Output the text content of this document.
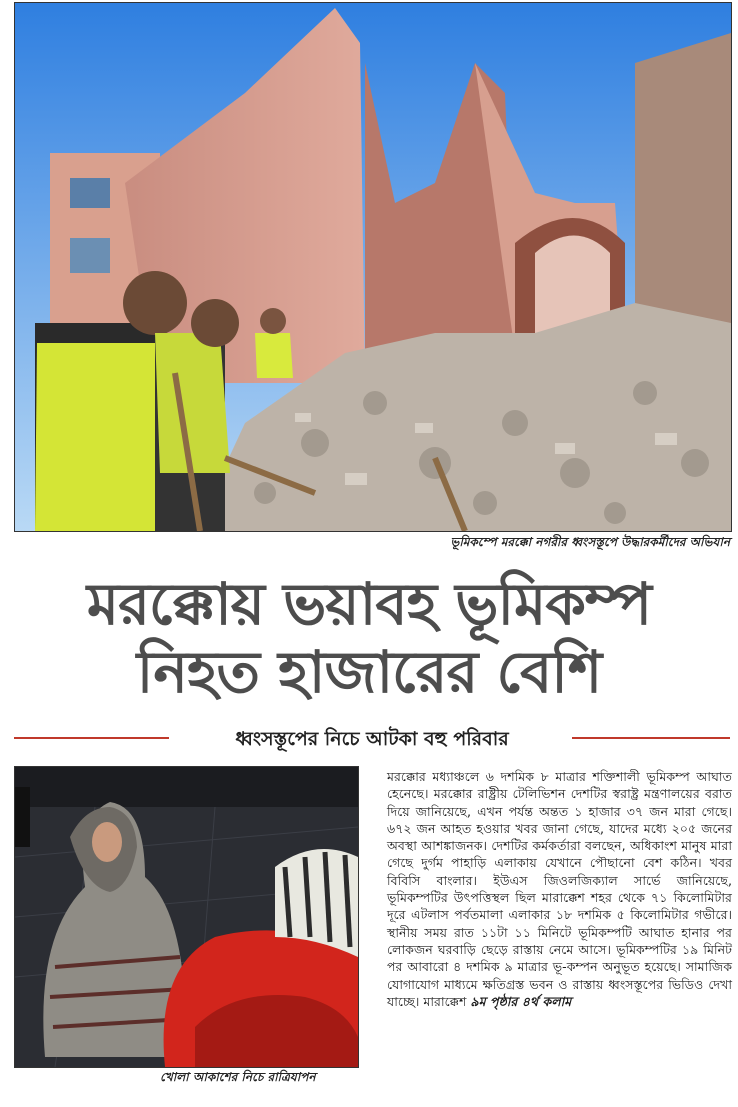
ভূমিকম্পে মরক্কো নগরীর ধ্বংসস্তূপে উদ্ধারকর্মীদের অভিযান
মরক্কোয় ভয়াবহ ভূমিকম্প
নিহত হাজারের বেশি
ধ্বংসস্তূপের নিচে আটকা বহু পরিবার
খোলা আকাশের নিচে রাত্রিযাপন

মরক্কোর মধ্যাঞ্চলে ৬ দশমিক ৮ মাত্রার শক্তিশালী ভূমিকম্প আঘাত হেনেছে। মরক্কোর রাষ্ট্রীয় টেলিভিশন দেশটির স্বরাষ্ট্র মন্ত্রণালয়ের বরাত দিয়ে জানিয়েছে, এখন পর্যন্ত অন্তত ১ হাজার ৩৭ জন মারা গেছে। ৬৭২ জন আহত হওয়ার খবর জানা গেছে, যাদের মধ্যে ২০৫ জনের অবস্থা আশঙ্কাজনক। দেশটির কর্মকর্তারা বলছেন, অধিকাংশ মানুষ মারা গেছে দুর্গম পাহাড়ি এলাকায় যেখানে পৌছানো বেশ কঠিন। খবর বিবিসি বাংলার। ইউএস জিওলজিক্যাল সার্ভে জানিয়েছে, ভূমিকম্পটির উৎপত্তিস্থল ছিল মারাক্কেশ শহর থেকে ৭১ কিলোমিটার দূরে এটলাস পর্বতমালা এলাকার ১৮ দশমিক ৫ কিলোমিটার গভীরে। স্থানীয় সময় রাত ১১টা ১১ মিনিটে ভূমিকম্পটি আঘাত হানার পর লোকজন ঘরবাড়ি ছেড়ে রাস্তায় নেমে আসে। ভূমিকম্পটির ১৯ মিনিট পর আবারো ৪ দশমিক ৯ মাত্রার ভূ-কম্পন অনুভূত হয়েছে। সামাজিক যোগাযোগ মাধ্যমে ক্ষতিগ্রস্ত ভবন ও রাস্তায় ধ্বংসস্তূপের ভিডিও দেখা যাচ্ছে। মারাক্কেশ ৯ম পৃষ্ঠার ৪র্থ কলাম
